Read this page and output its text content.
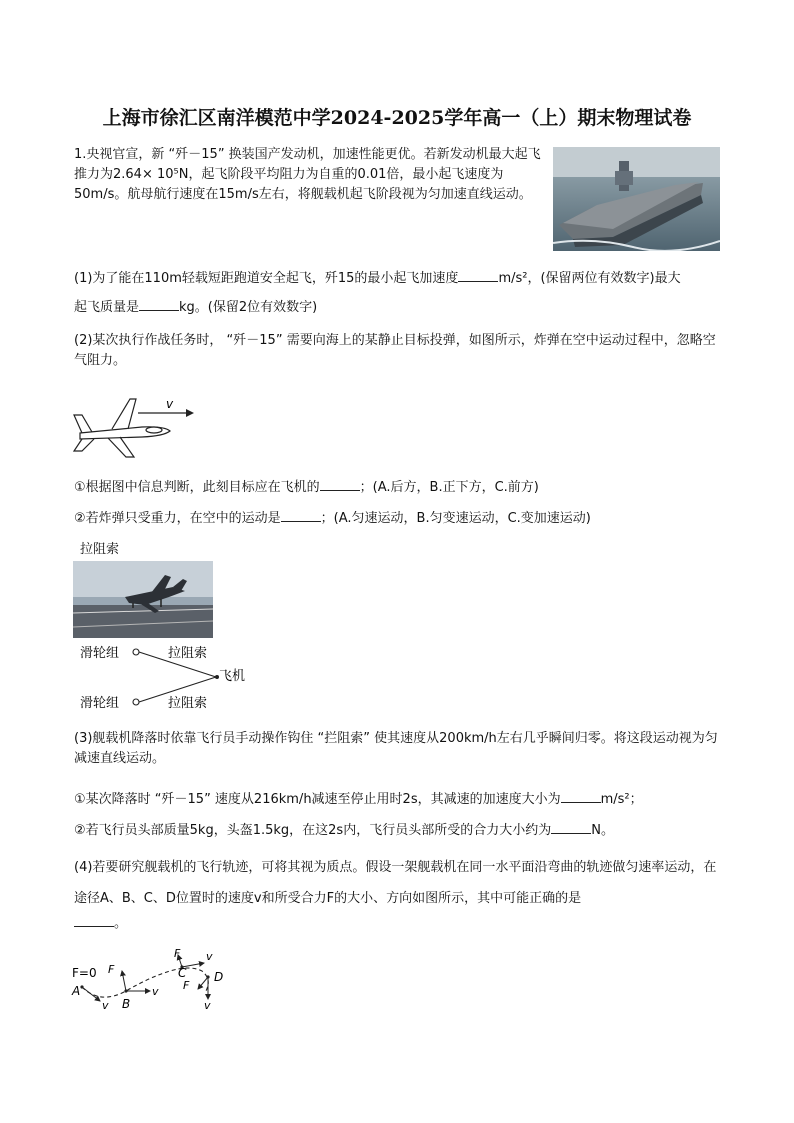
上海市徐汇区南洋模范中学2024-2025学年高一（上）期末物理试卷
1.央视官宣，新 “歼－15” 换装国产发动机，加速性能更优。若新发动机最大起飞推力为2.64× 10⁵N，起飞阶段平均阻力为自重的0.01倍，最小起飞速度为50m/s。航母航行速度在15m/s左右，将舰载机起飞阶段视为匀加速直线运动。
(1)为了能在110m轻载短距跑道安全起飞，歼15的最小起飞加速度	m/s²，(保留两位有效数字)最大
起飞质量是	kg。(保留2位有效数字)
(2)某次执行作战任务时， “歼－15” 需要向海上的某静止目标投弹，如图所示，炸弹在空中运动过程中，忽略空气阻力。
v
①根据图中信息判断，此刻目标应在飞机的	；(A.后方，B.正下方，C.前方)
②若炸弹只受重力，在空中的运动是	；(A.匀速运动，B.匀变速运动，C.变加速运动)
拉阻索
滑轮组
滑轮组
拉阻索
拉阻索
飞机
(3)舰载机降落时依靠飞行员手动操作钩住 “拦阻索” 使其速度从200km/h左右几乎瞬间归零。将这段运动视为匀减速直线运动。
①某次降落时 “歼－15” 速度从216km/h减速至停止用时2s，其减速的加速度大小为	m/s²；
②若飞行员头部质量5kg，头盔1.5kg，在这2s内，飞行员头部所受的合力大小约为	N。
(4)若要研究舰载机的飞行轨迹，可将其视为质点。假设一架舰载机在同一水平面沿弯曲的轨迹做匀速率运动，在途径A、B、C、D位置时的速度v和所受合力F的大小、方向如图所示，其中可能正确的是
。
F=0
A
v
F
B
v
F
C
v
D
F
v
